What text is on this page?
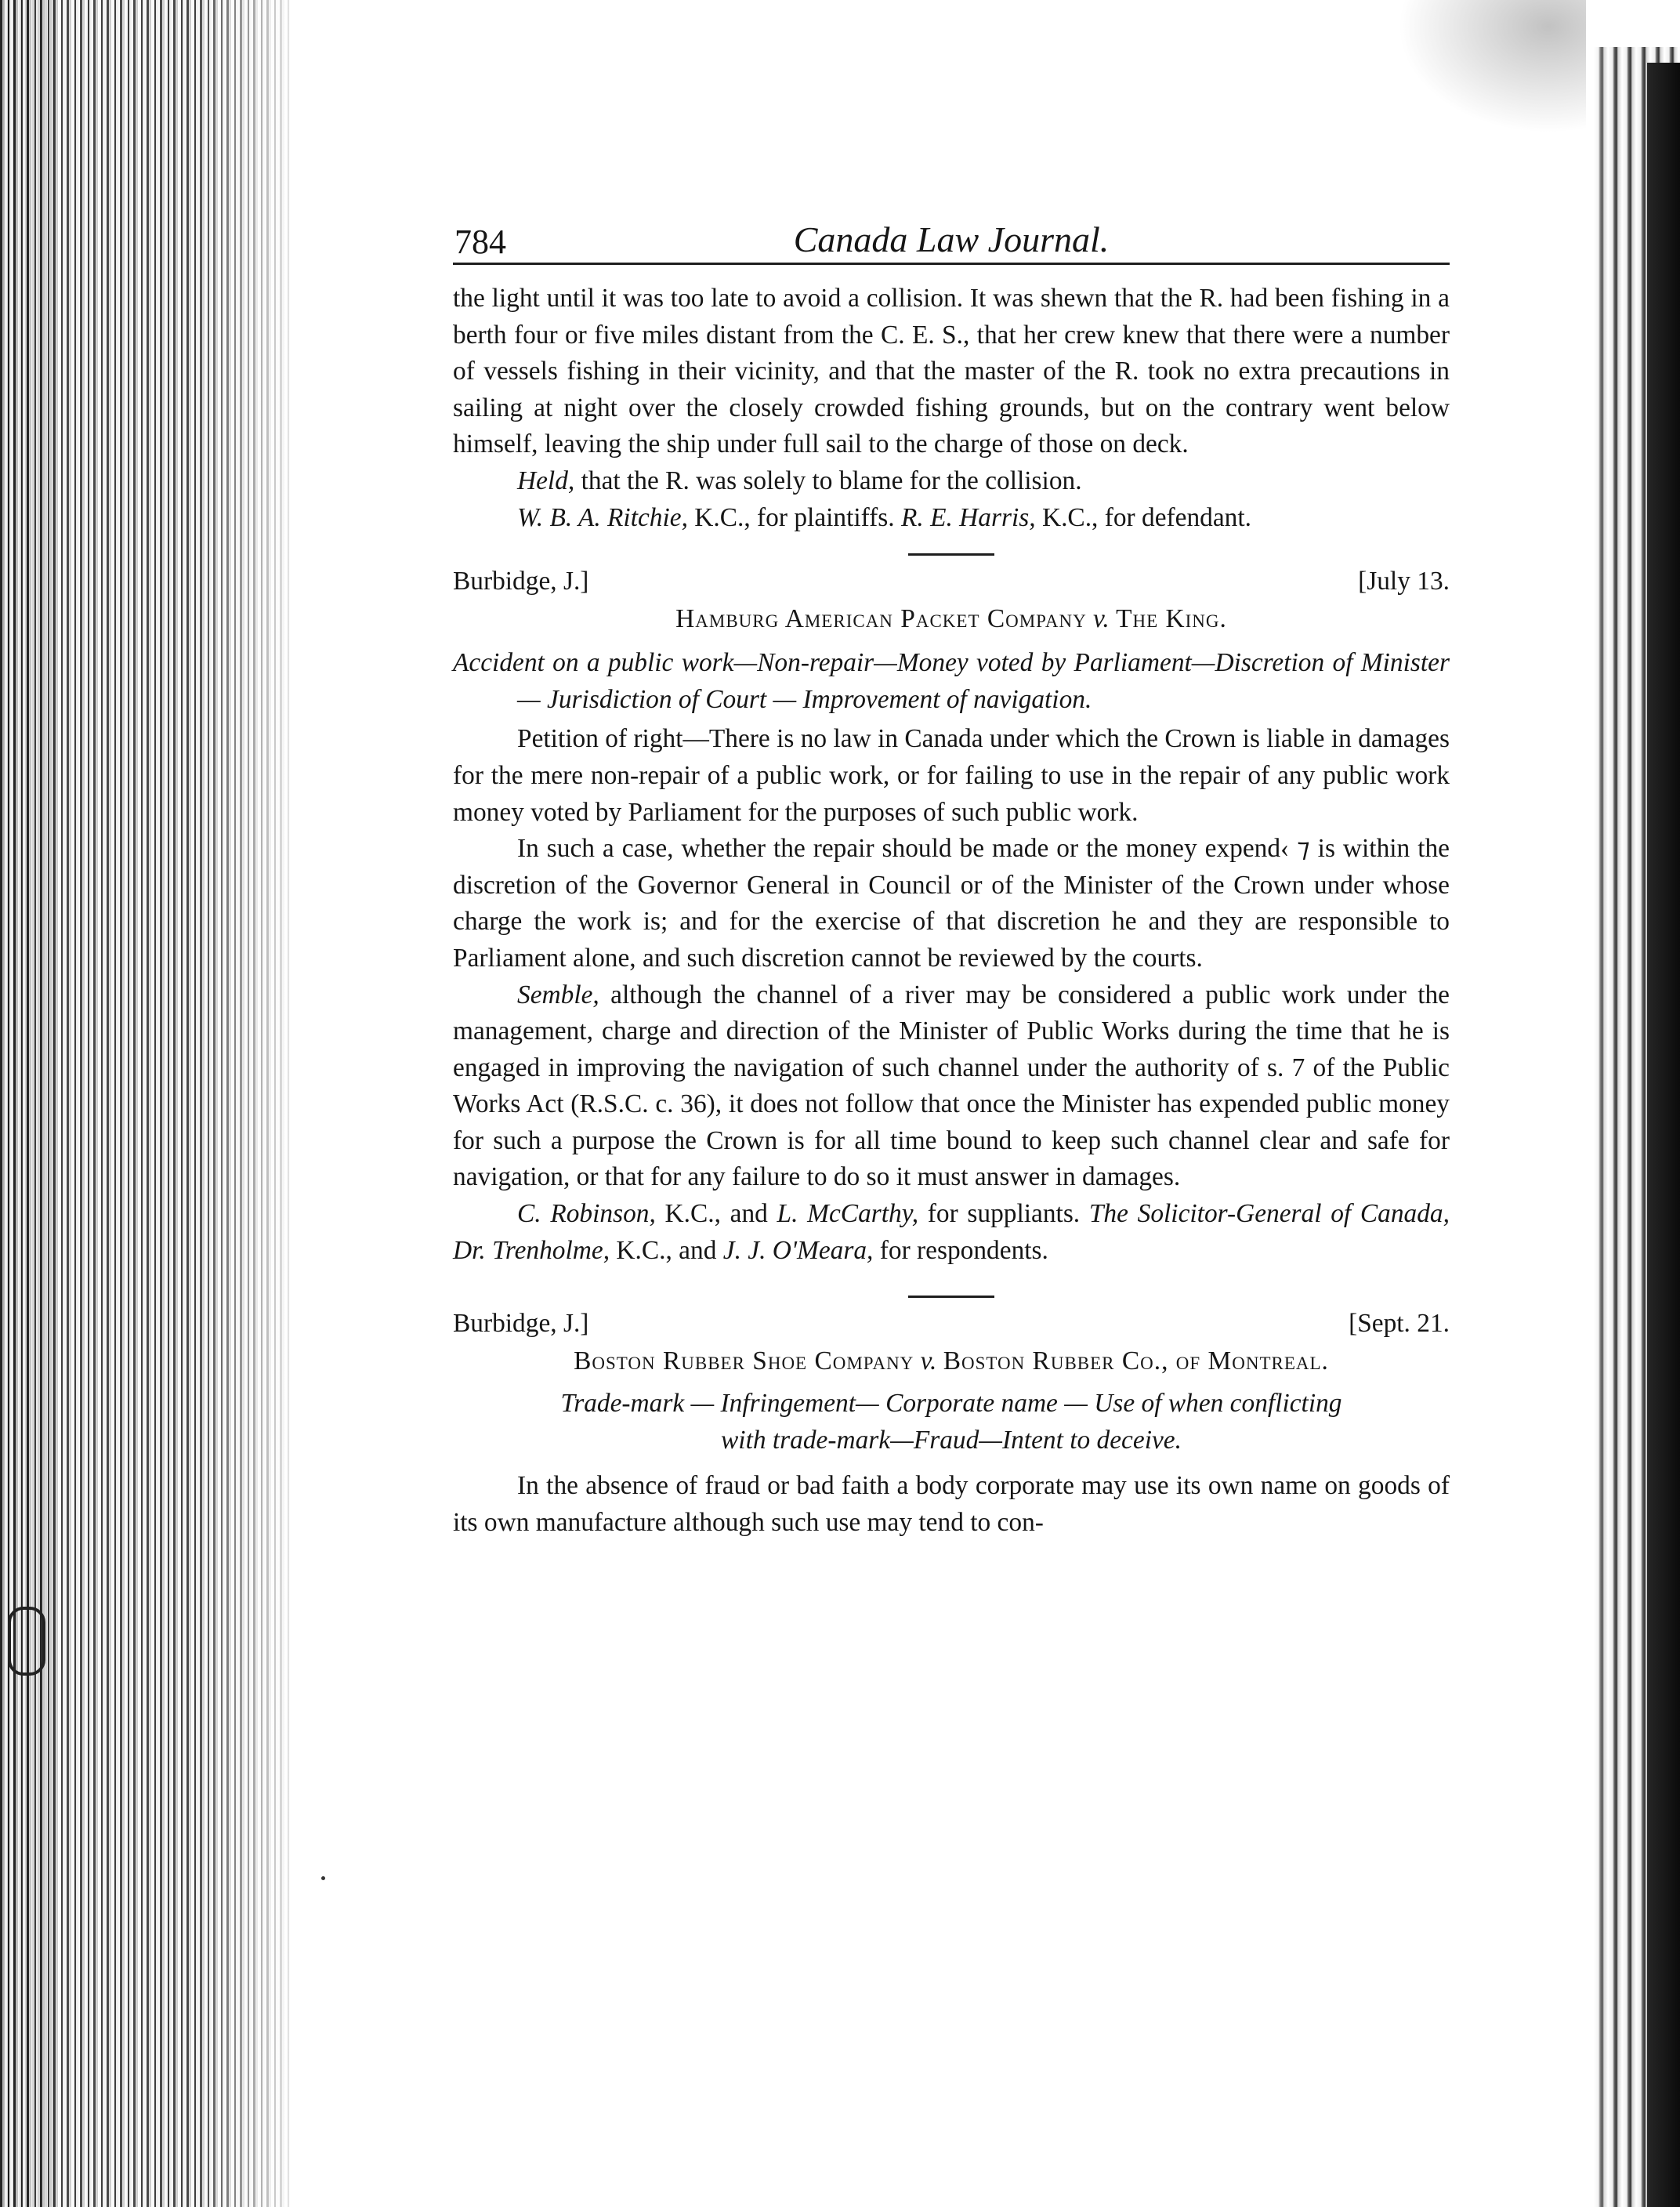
784	Canada Law Journal.

the light until it was too late to avoid a collision. It was shewn that the R. had been fishing in a berth four or five miles distant from the C. E. S., that her crew knew that there were a number of vessels fishing in their vicinity, and that the master of the R. took no extra precautions in sailing at night over the closely crowded fishing grounds, but on the contrary went below himself, leaving the ship under full sail to the charge of those on deck.

Held, that the R. was solely to blame for the collision.

W. B. A. Ritchie, K.C., for plaintiffs. R. E. Harris, K.C., for defendant.

Burbidge, J.]	[July 13.
Hamburg American Packet Company v. The King.

Accident on a public work—Non-repair—Money voted by Parliament—Discretion of Minister — Jurisdiction of Court — Improvement of navigation.

Petition of right—There is no law in Canada under which the Crown is liable in damages for the mere non-repair of a public work, or for failing to use in the repair of any public work money voted by Parliament for the purposes of such public work.

In such a case, whether the repair should be made or the money expend‹ ⁊ is within the discretion of the Governor General in Council or of the Minister of the Crown under whose charge the work is; and for the exercise of that discretion he and they are responsible to Parliament alone, and such discretion cannot be reviewed by the courts.

Semble, although the channel of a river may be considered a public work under the management, charge and direction of the Minister of Public Works during the time that he is engaged in improving the navigation of such channel under the authority of s. 7 of the Public Works Act (R.S.C. c. 36), it does not follow that once the Minister has expended public money for such a purpose the Crown is for all time bound to keep such channel clear and safe for navigation, or that for any failure to do so it must answer in damages.

C. Robinson, K.C., and L. McCarthy, for suppliants. The Solicitor-General of Canada, Dr. Trenholme, K.C., and J. J. O'Meara, for respondents.

Burbidge, J.]	[Sept. 21.
Boston Rubber Shoe Company v. Boston Rubber Co., of Montreal.
Trade-mark — Infringement— Corporate name — Use of when conflicting
with trade-mark—Fraud—Intent to deceive.

In the absence of fraud or bad faith a body corporate may use its own name on goods of its own manufacture although such use may tend to con-
